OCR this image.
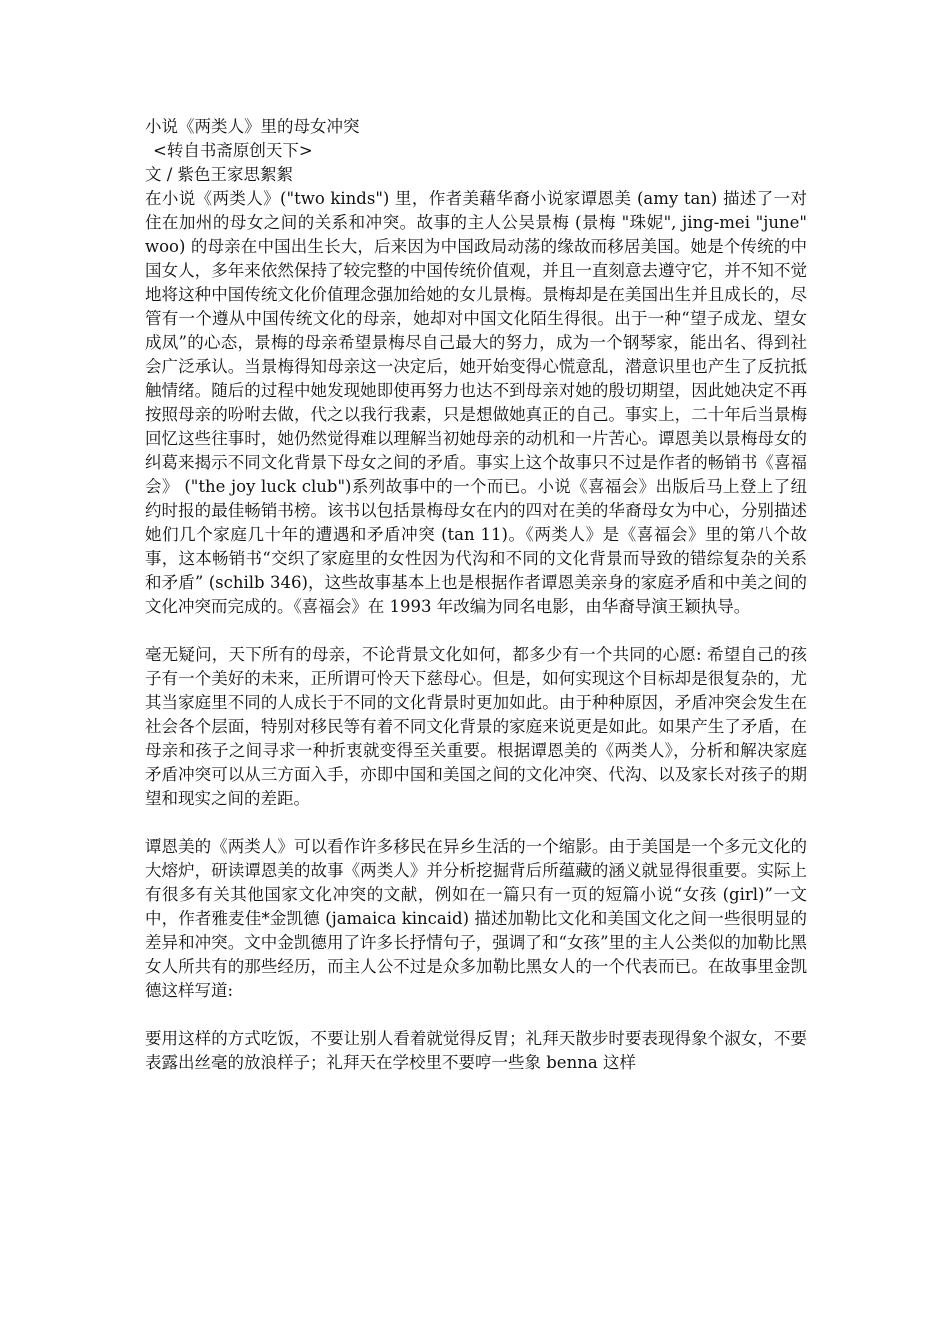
小说《两类人》里的母女冲突
<转自书斋原创天下>
文 / 紫色王家思絮絮

在小说《两类人》("two kinds") 里，作者美藉华裔小说家谭恩美 (amy tan) 描述了一对住在加州的母女之间的关系和冲突。故事的主人公吴景梅 (景梅 "珠妮", jing-mei "june" woo) 的母亲在中国出生长大，后来因为中国政局动荡的缘故而移居美国。她是个传统的中国女人，多年来依然保持了较完整的中国传统价值观，并且一直刻意去遵守它，并不知不觉地将这种中国传统文化价值理念强加给她的女儿景梅。景梅却是在美国出生并且成长的，尽管有一个遵从中国传统文化的母亲，她却对中国文化陌生得很。出于一种“望子成龙、望女成凤”的心态，景梅的母亲希望景梅尽自己最大的努力，成为一个钢琴家，能出名、得到社会广泛承认。当景梅得知母亲这一决定后，她开始变得心慌意乱，潜意识里也产生了反抗抵触情绪。随后的过程中她发现她即使再努力也达不到母亲对她的殷切期望，因此她决定不再按照母亲的吩咐去做，代之以我行我素，只是想做她真正的自己。事实上，二十年后当景梅回忆这些往事时，她仍然觉得难以理解当初她母亲的动机和一片苦心。谭恩美以景梅母女的纠葛来揭示不同文化背景下母女之间的矛盾。事实上这个故事只不过是作者的畅销书《喜福会》 ("the joy luck club")系列故事中的一个而已。小说《喜福会》出版后马上登上了纽约时报的最佳畅销书榜。该书以包括景梅母女在内的四对在美的华裔母女为中心，分别描述她们几个家庭几十年的遭遇和矛盾冲突 (tan 11)。《两类人》是《喜福会》里的第八个故事，这本畅销书“交织了家庭里的女性因为代沟和不同的文化背景而导致的错综复杂的关系和矛盾” (schilb 346)，这些故事基本上也是根据作者谭恩美亲身的家庭矛盾和中美之间的文化冲突而完成的。《喜福会》在 1993 年改编为同名电影，由华裔导演王颖执导。

毫无疑问，天下所有的母亲，不论背景文化如何，都多少有一个共同的心愿: 希望自己的孩子有一个美好的未来，正所谓可怜天下慈母心。但是，如何实现这个目标却是很复杂的，尤其当家庭里不同的人成长于不同的文化背景时更加如此。由于种种原因，矛盾冲突会发生在社会各个层面，特别对移民等有着不同文化背景的家庭来说更是如此。如果产生了矛盾，在母亲和孩子之间寻求一种折衷就变得至关重要。根据谭恩美的《两类人》，分析和解决家庭矛盾冲突可以从三方面入手，亦即中国和美国之间的文化冲突、代沟、以及家长对孩子的期望和现实之间的差距。

谭恩美的《两类人》可以看作许多移民在异乡生活的一个缩影。由于美国是一个多元文化的大熔炉，研读谭恩美的故事《两类人》并分析挖掘背后所蕴藏的涵义就显得很重要。实际上有很多有关其他国家文化冲突的文献，例如在一篇只有一页的短篇小说“女孩 (girl)”一文中，作者雅麦佳*金凯德 (jamaica kincaid) 描述加勒比文化和美国文化之间一些很明显的差异和冲突。文中金凯德用了许多长抒情句子，强调了和“女孩”里的主人公类似的加勒比黑女人所共有的那些经历，而主人公不过是众多加勒比黑女人的一个代表而已。在故事里金凯德这样写道:

要用这样的方式吃饭，不要让别人看着就觉得反胃；礼拜天散步时要表现得象个淑女，不要表露出丝毫的放浪样子；礼拜天在学校里不要哼一些象 benna 这样
